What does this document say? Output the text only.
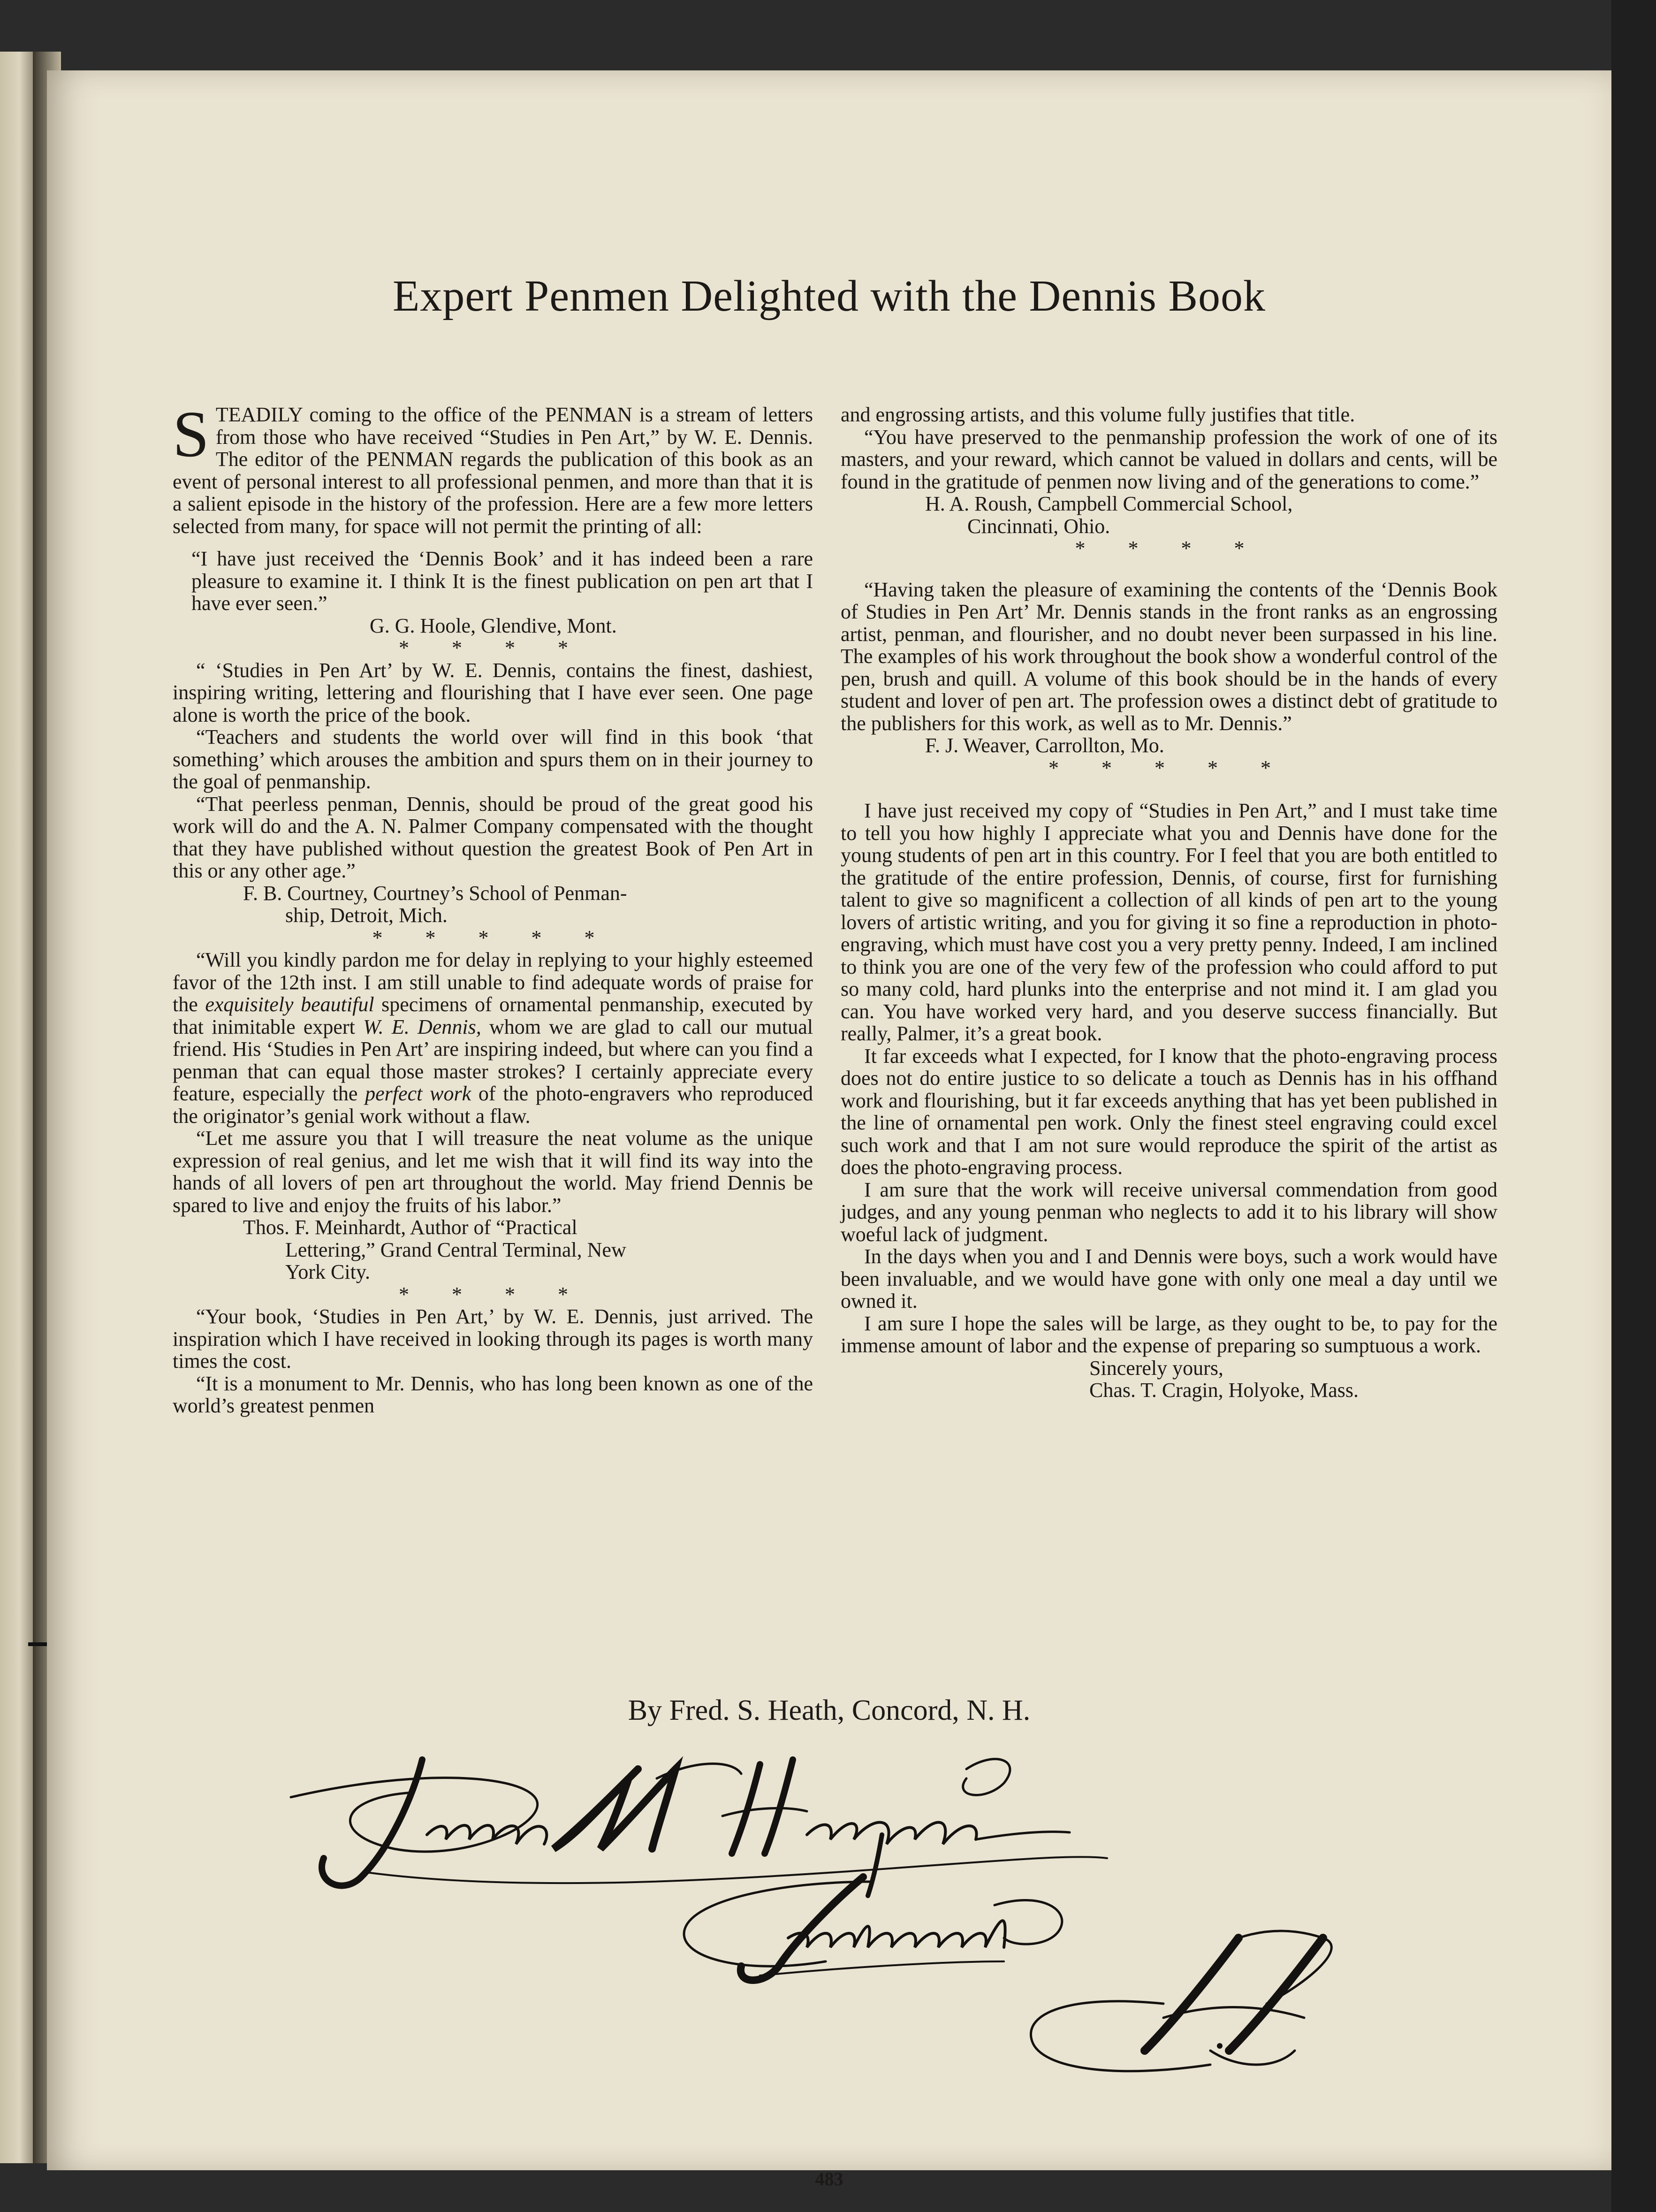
Expert Penmen Delighted with the Dennis Book

STEADILY coming to the office of the PENMAN is a stream of letters from those who have received “Studies in Pen Art,” by W. E. Dennis. The editor of the PENMAN regards the publication of this book as an event of personal interest to all professional penmen, and more than that it is a salient episode in the history of the profession. Here are a few more letters selected from many, for space will not permit the printing of all:

“I have just received the ‘Dennis Book’ and it has indeed been a rare pleasure to examine it. I think It is the finest publication on pen art that I have ever seen.”

G. G. Hoole, Glendive, Mont.

* * * *

“ ‘Studies in Pen Art’ by W. E. Dennis, contains the finest, dashiest, inspiring writing, lettering and flourishing that I have ever seen. One page alone is worth the price of the book.

“Teachers and students the world over will find in this book ‘that something’ which arouses the ambition and spurs them on in their journey to the goal of penmanship.

“That peerless penman, Dennis, should be proud of the great good his work will do and the A. N. Palmer Company compensated with the thought that they have published without question the greatest Book of Pen Art in this or any other age.”

F. B. Courtney, Courtney’s School of Penman-
ship, Detroit, Mich.

* * * * *

“Will you kindly pardon me for delay in replying to your highly esteemed favor of the 12th inst. I am still unable to find adequate words of praise for the exquisitely beautiful specimens of ornamental penmanship, executed by that inimitable expert W. E. Dennis, whom we are glad to call our mutual friend. His ‘Studies in Pen Art’ are inspiring indeed, but where can you find a penman that can equal those master strokes? I certainly appreciate every feature, especially the perfect work of the photo-engravers who reproduced the originator’s genial work without a flaw.

“Let me assure you that I will treasure the neat volume as the unique expression of real genius, and let me wish that it will find its way into the hands of all lovers of pen art throughout the world. May friend Dennis be spared to live and enjoy the fruits of his labor.”

Thos. F. Meinhardt, Author of “Practical
Lettering,” Grand Central Terminal, New
York City.

* * * *

“Your book, ‘Studies in Pen Art,’ by W. E. Dennis, just arrived. The inspiration which I have received in looking through its pages is worth many times the cost.

“It is a monument to Mr. Dennis, who has long been known as one of the world’s greatest penmen

and engrossing artists, and this volume fully justifies that title.

“You have preserved to the penmanship profession the work of one of its masters, and your reward, which cannot be valued in dollars and cents, will be found in the gratitude of penmen now living and of the generations to come.”

H. A. Roush, Campbell Commercial School,
Cincinnati, Ohio.

* * * *

“Having taken the pleasure of examining the contents of the ‘Dennis Book of Studies in Pen Art’ Mr. Dennis stands in the front ranks as an engrossing artist, penman, and flourisher, and no doubt never been surpassed in his line. The examples of his work throughout the book show a wonderful control of the pen, brush and quill. A volume of this book should be in the hands of every student and lover of pen art. The profession owes a distinct debt of gratitude to the publishers for this work, as well as to Mr. Dennis.”

F. J. Weaver, Carrollton, Mo.

* * * * *

I have just received my copy of “Studies in Pen Art,” and I must take time to tell you how highly I appreciate what you and Dennis have done for the young students of pen art in this country. For I feel that you are both entitled to the gratitude of the entire profession, Dennis, of course, first for furnishing talent to give so magnificent a collection of all kinds of pen art to the young lovers of artistic writing, and you for giving it so fine a reproduction in photo-engraving, which must have cost you a very pretty penny. Indeed, I am inclined to think you are one of the very few of the profession who could afford to put so many cold, hard plunks into the enterprise and not mind it. I am glad you can. You have worked very hard, and you deserve success financially. But really, Palmer, it’s a great book.

It far exceeds what I expected, for I know that the photo-engraving process does not do entire justice to so delicate a touch as Dennis has in his offhand work and flourishing, but it far exceeds anything that has yet been published in the line of ornamental pen work. Only the finest steel engraving could excel such work and that I am not sure would reproduce the spirit of the artist as does the photo-engraving process.

I am sure that the work will receive universal commendation from good judges, and any young penman who neglects to add it to his library will show woeful lack of judgment.

In the days when you and I and Dennis were boys, such a work would have been invaluable, and we would have gone with only one meal a day until we owned it.

I am sure I hope the sales will be large, as they ought to be, to pay for the immense amount of labor and the expense of preparing so sumptuous a work.

Sincerely yours,

Chas. T. Cragin, Holyoke, Mass.

By Fred. S. Heath, Concord, N. H.
483
